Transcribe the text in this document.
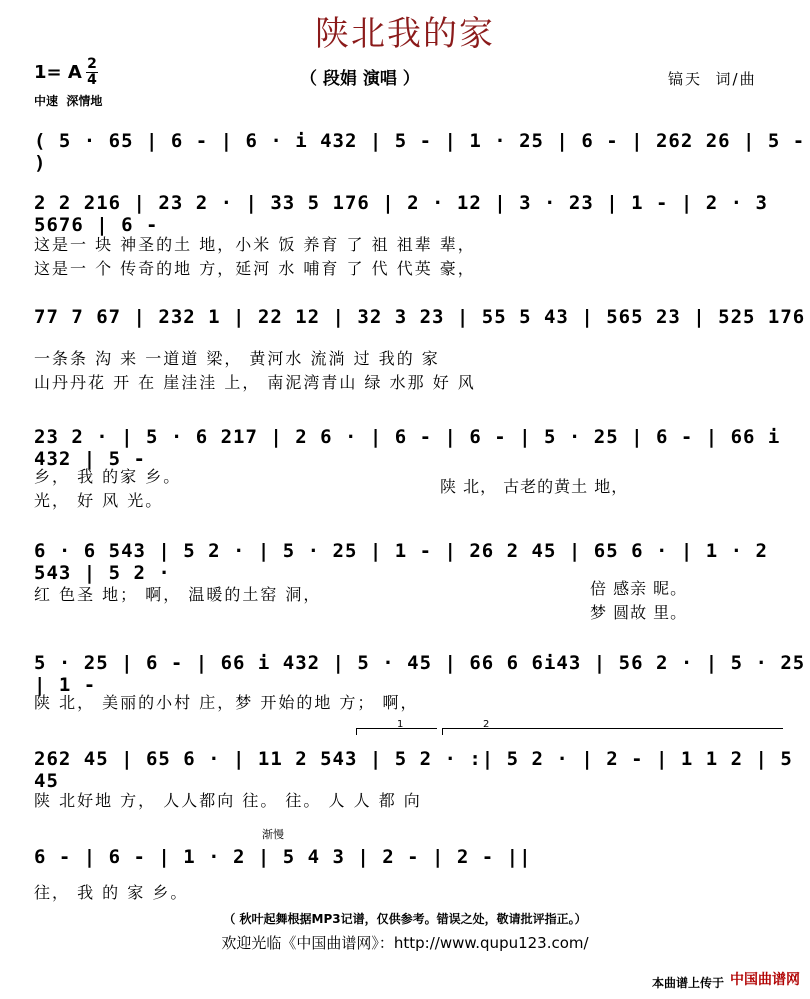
陕北我的家
1= A 2
4
中速  深情地
（ 段娟 演唱 ）	镐天  词/曲
( 5 · 65 | 6 - | 6 · i 432 | 5 - | 1 · 25 | 6 - | 262 26 | 5 - )
2 2 216 | 23 2 · | 33 5 176 | 2 · 12 | 3 · 23 | 1 - | 2 · 3 5676 | 6 -
这是一 块 神圣的土 地，小米 饭 养育 了 祖 祖辈 辈，
这是一 个 传奇的地 方，延河 水 哺育 了 代 代英 豪，
77 7 67 | 232 1 | 22 12 | 32 3 23 | 55 5 43 | 565 23 | 525 176
一条条 沟 来 一道道 梁， 黄河水 流淌 过 我的 家
山丹丹花 开 在 崖洼洼 上， 南泥湾青山 绿 水那 好 风
23 2 · | 5 · 6 217 | 2 6 · | 6 - | 6 - | 5 · 25 | 6 - | 66 i 432 | 5 -
乡， 我 的家 乡。
光， 好 风 光。
陕 北， 古老的黄土 地，
6 · 6 543 | 5 2 · | 5 · 25 | 1 - | 26 2 45 | 65 6 · | 1 · 2 543 | 5 2 ·
红 色圣 地； 啊， 温暖的土窑 洞，	倍 感亲 昵。
梦 圆故 里。
5 · 25 | 6 - | 66 i 432 | 5 · 45 | 66 6 6i43 | 56 2 · | 5 · 25 | 1 -
陕 北， 美丽的小村 庄，梦 开始的地 方； 啊，
1	2
262 45 | 65 6 · | 11 2 543 | 5 2 · :| 5 2 · | 2 - | 1 1 2 | 5 45
陕 北好地 方， 人人都向 往。 往。 人 人 都 向
渐慢
6 - | 6 - | 1 · 2 | 5 4 3 | 2 - | 2 - ||
往， 我 的 家 乡。
（ 秋叶起舞根据MP3记谱，仅供参考。错误之处，敬请批评指正。）
欢迎光临《中国曲谱网》：http://www.qupu123.com/
本曲谱上传于 中国曲谱网
